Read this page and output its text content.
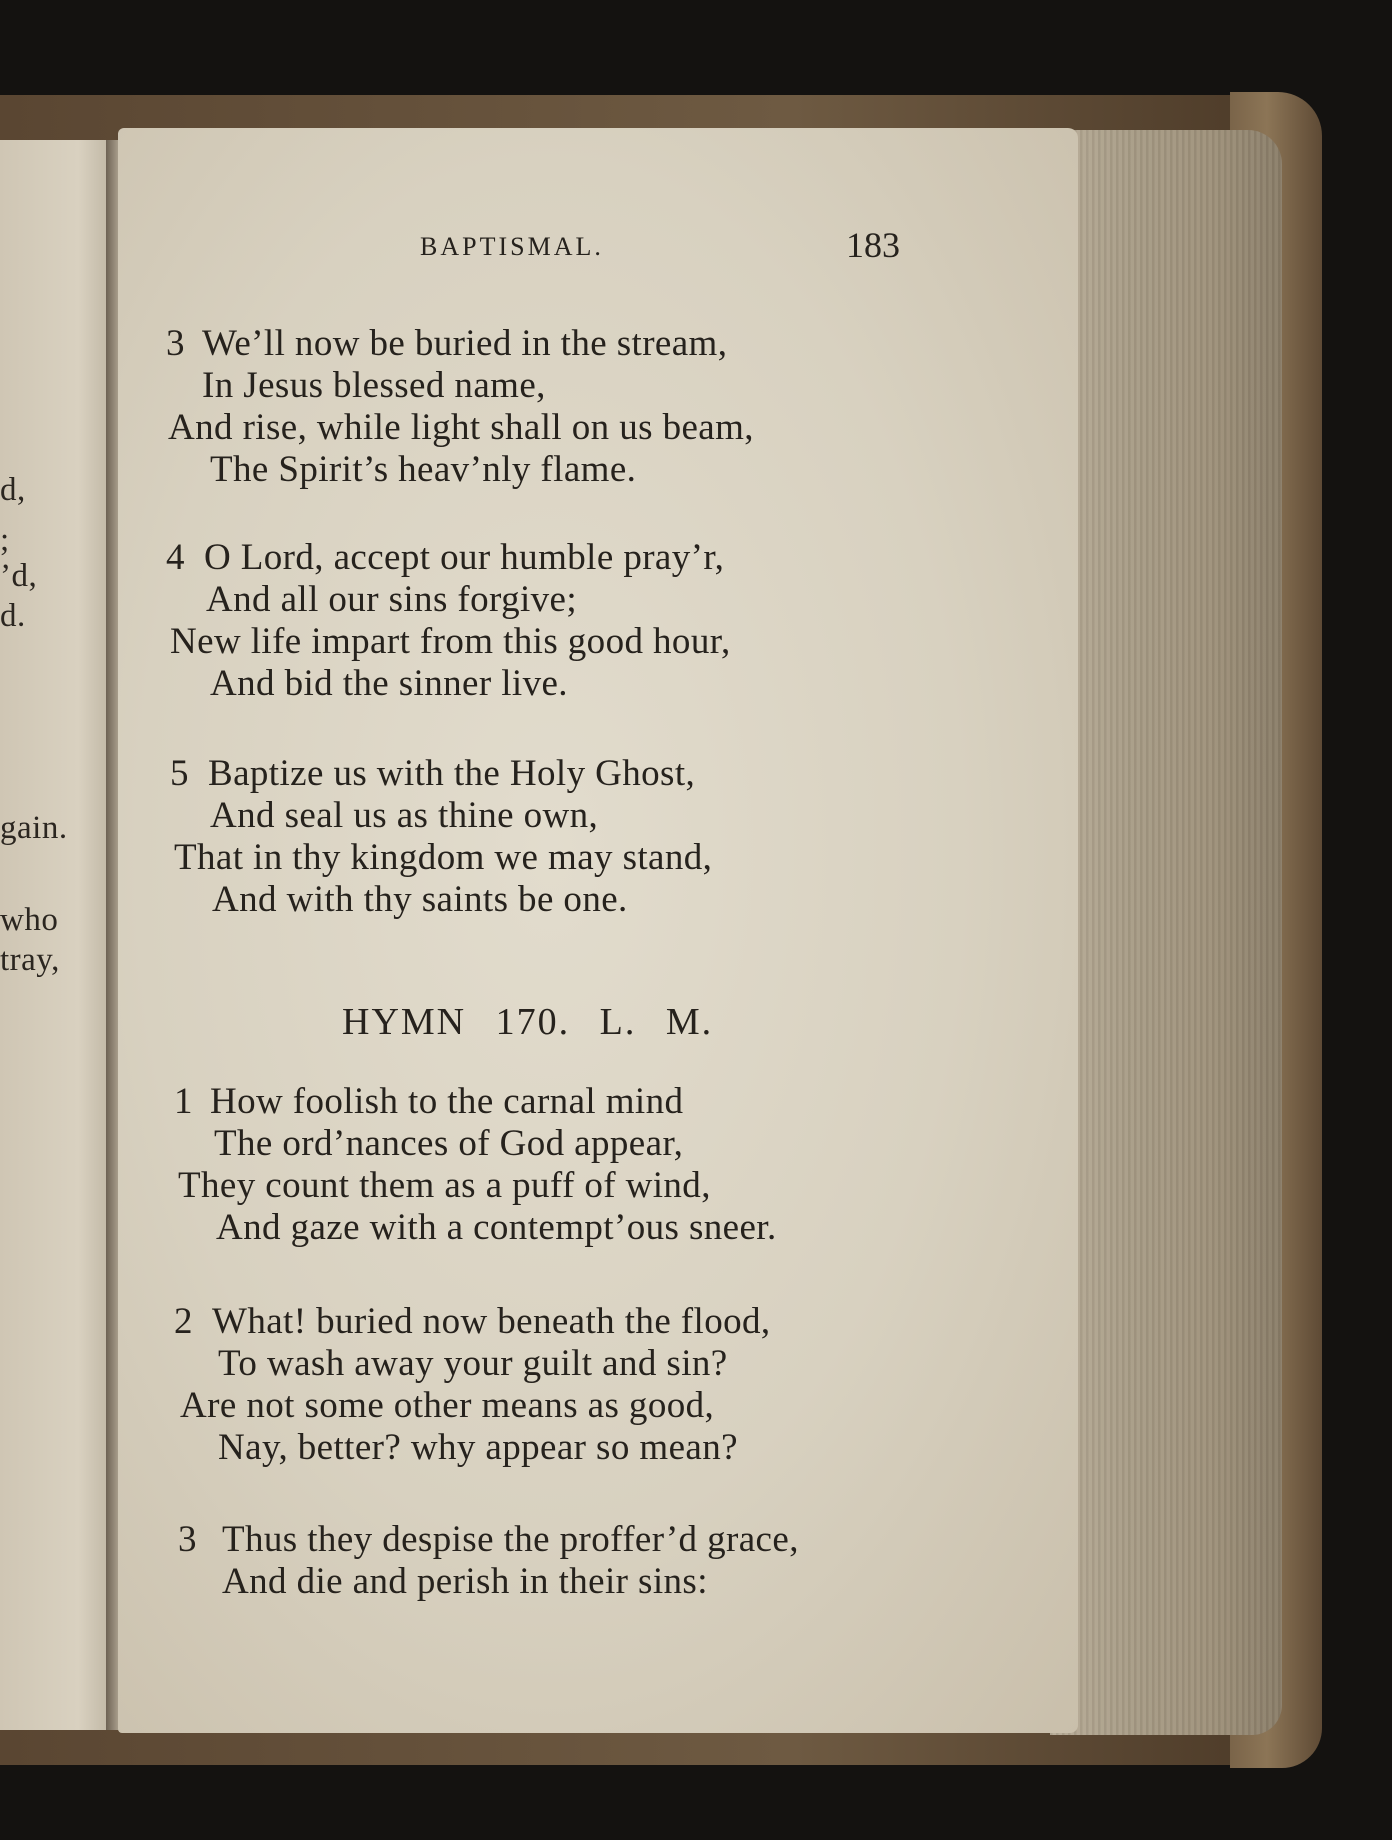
d,
;
’d,
d.
gain.
who
tray,
BAPTISMAL.	183
3 We’ll now be buried in the stream,
In Jesus blessed name,
And rise, while light shall on us beam,
The Spirit’s heav’nly flame.
4 O Lord, accept our humble pray’r,
And all our sins forgive;
New life impart from this good hour,
And bid the sinner live.
5 Baptize us with the Holy Ghost,
And seal us as thine own,
That in thy kingdom we may stand,
And with thy saints be one.
HYMN 170. L. M.
1 How foolish to the carnal mind
The ord’nances of God appear,
They count them as a puff of wind,
And gaze with a contempt’ous sneer.
2 What! buried now beneath the flood,
To wash away your guilt and sin?
Are not some other means as good,
Nay, better? why appear so mean?
3 Thus they despise the proffer’d grace,
And die and perish in their sins:
